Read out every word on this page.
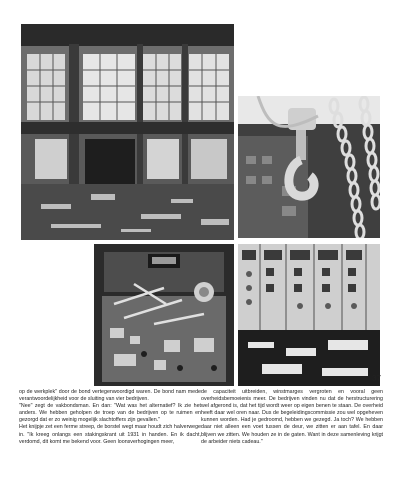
37

op de werkplek" door de bond vertegenwoordigd waren. De bond nam mede verantwoordelijkheid voor de sluiting van vier bedrijven.

"Nee" zegt de vakbondsman. En dan: "Wat was het alternatief? Ik zie het anders. We hebben geholpen de troep van de bedrijven op te ruimen en gezorgd dat er zo weinig mogelijk slachtoffers zijn gevallen."

Het knijpje zet een ferme streep, de borstel wegt maar houdt zich halverwege in. "Ik kreeg onlangs een stakingskrant uit 1931 in handen. En ik dacht, verdomd, dit komt me bekend voor. Geen loonsverhogingen meer,

de capaciteit uitbreiden, winstmarges vergroten en vooral geen overheidsbemoeienis meer. De bedrijven vinden nu dat de herstructurering wel afgerond is, dat het tijd wordt weer op eigen benen te staan. De overheid heeft daar wel oren naar. Dus de begeleidingscommissie zou wel opgeheven kunnen worden. Had je gedroomd, hebben we gezegd. Ja toch? We hebben daar niet alleen een voet tussen de deur, we zitten er aan tafel. En daar blijven we zitten. We houden ze in de gaten. Want in deze samenleving krijgt de arbeider niets cadeau."
